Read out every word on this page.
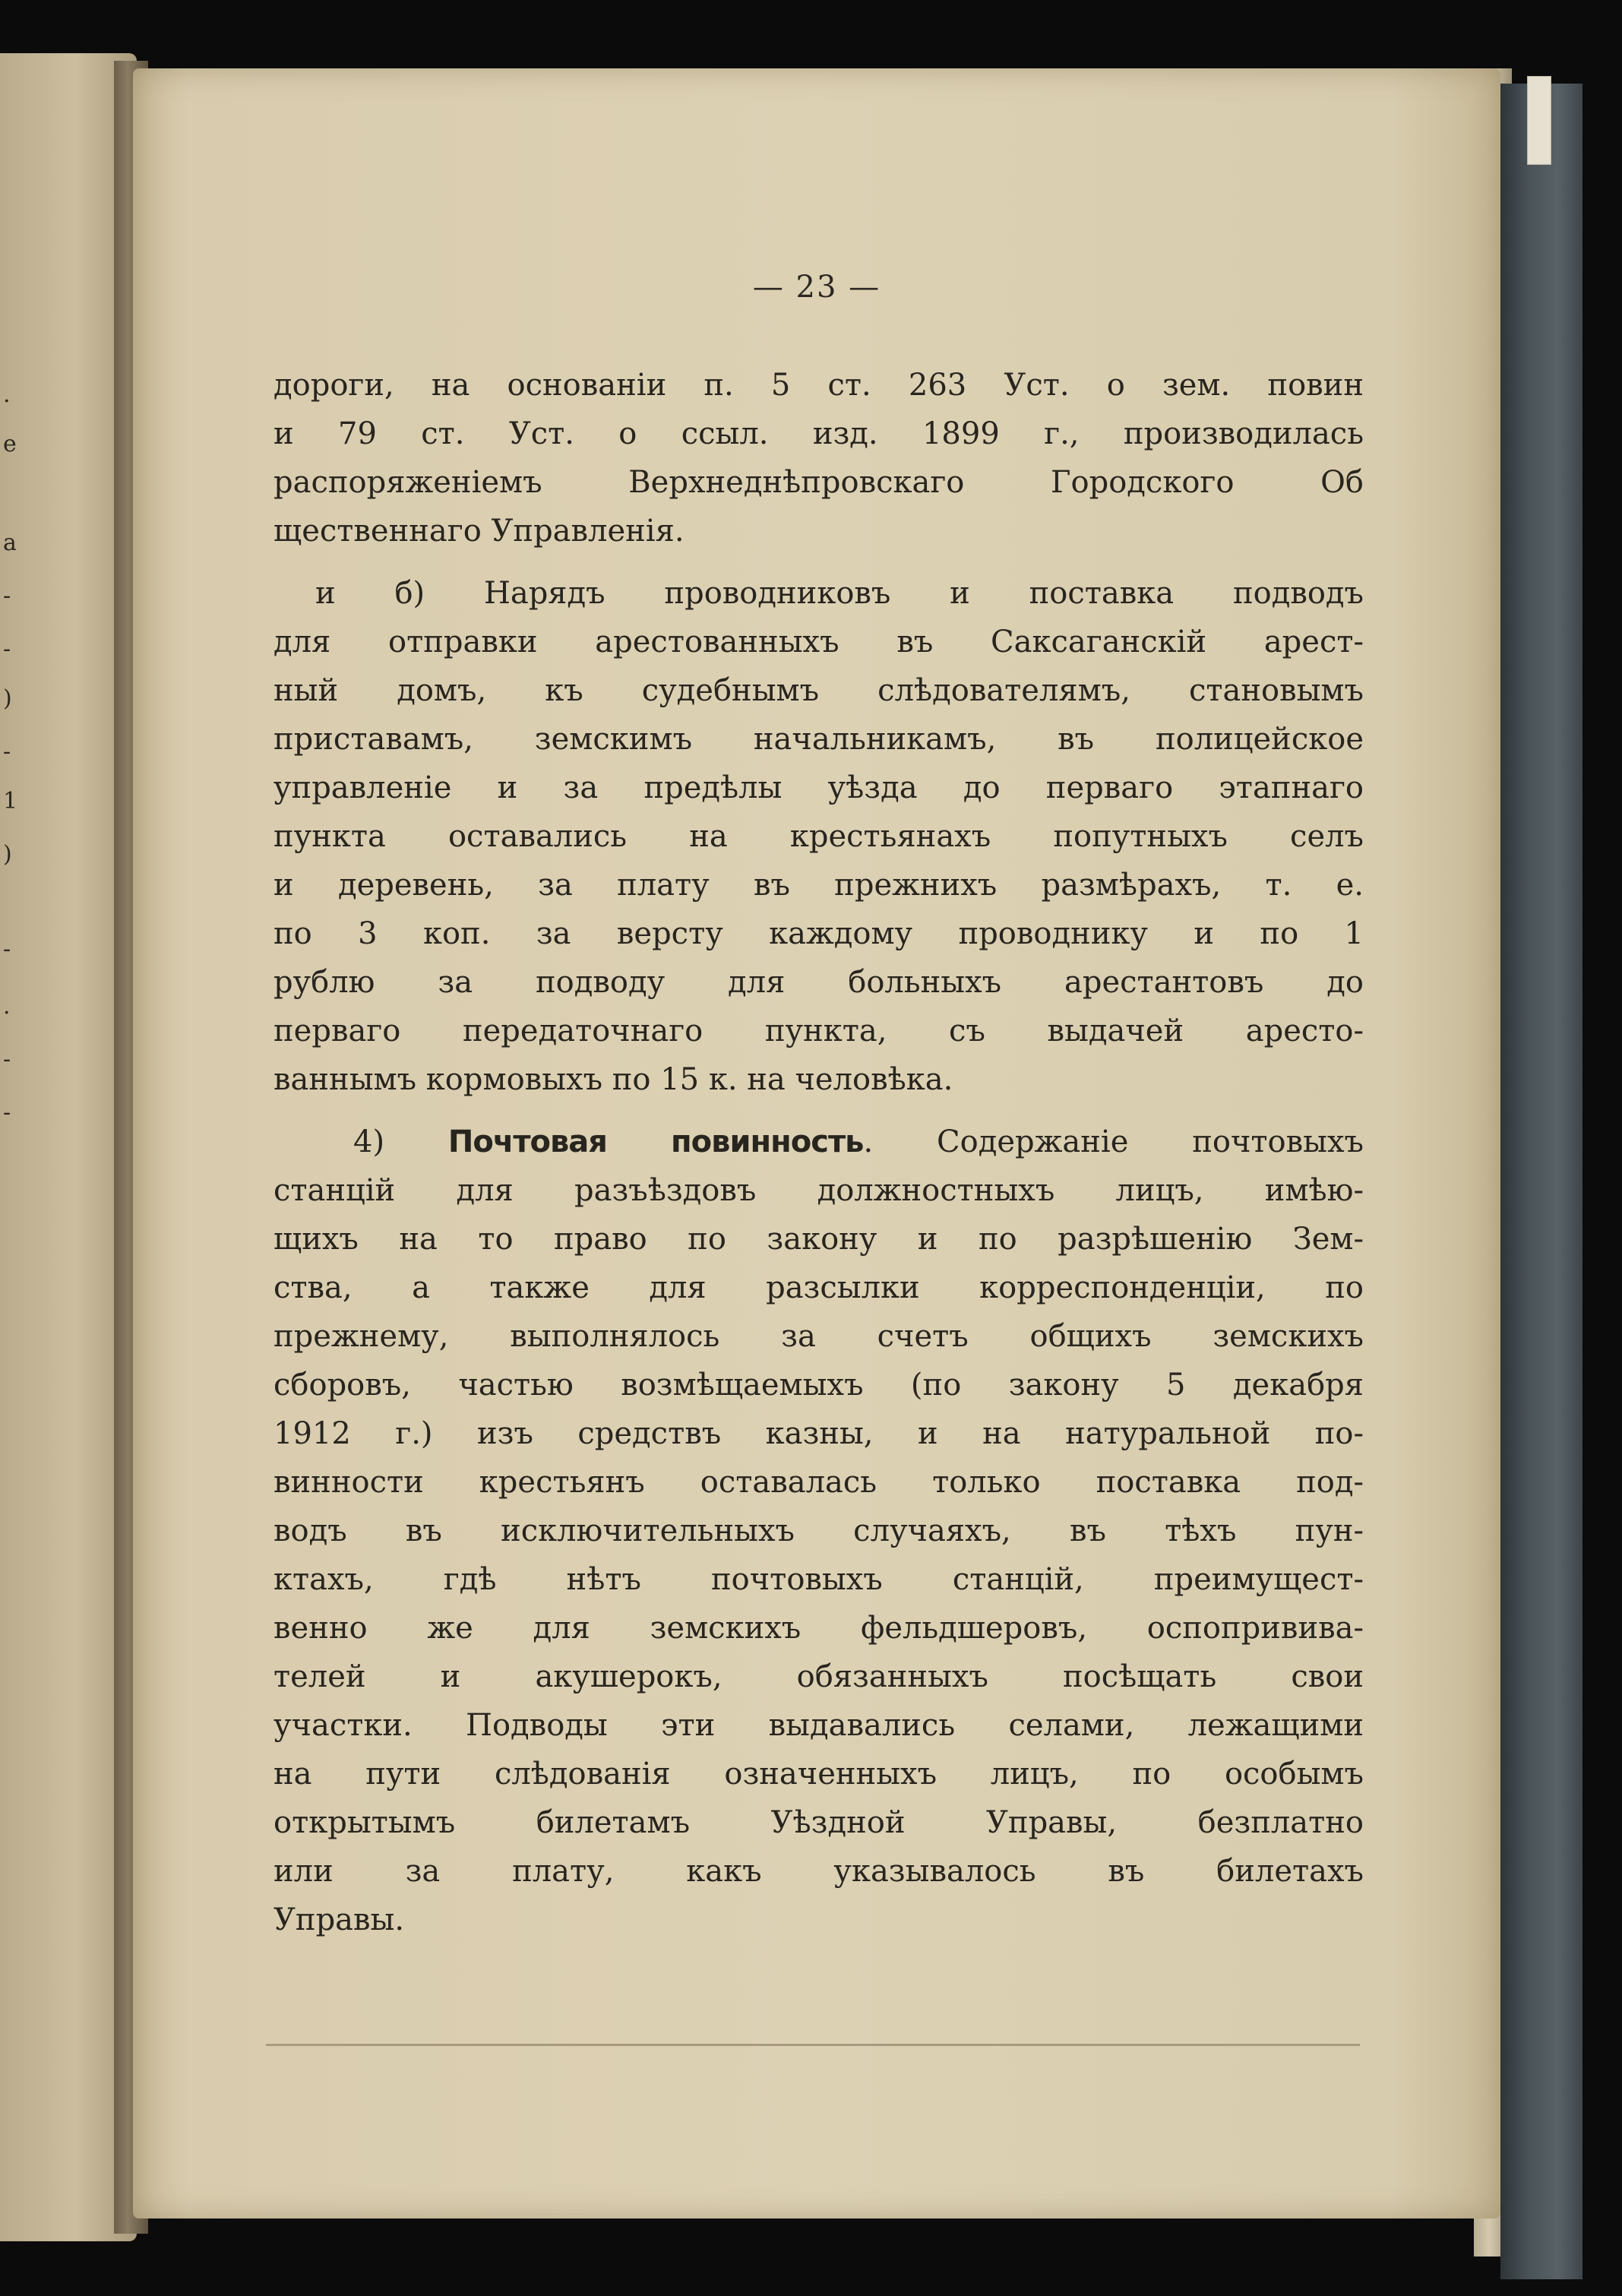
.
e
a
-
-
)
-
1
)
-
.
-
-
— 23 —

дороги, на основанiи п. 5 ст. 263 Уст. о зем. повин
и 79 ст. Уст. о ссыл. изд. 1899 г., производилась
распоряженiемъ Верхнеднѣпровскаго Городского Об
щественнаго Управленiя.

и б) Нарядъ проводниковъ и поставка подводъ
для отправки арестованныхъ въ Саксаганскiй арест-
ный домъ, къ судебнымъ слѣдователямъ, становымъ
приставамъ, земскимъ начальникамъ, въ полицейское
управленiе и за предѣлы уѣзда до перваго этапнаго
пункта оставались на крестьянахъ попутныхъ селъ
и деревень, за плату въ прежнихъ размѣрахъ, т. е.
по 3 коп. за версту каждому проводнику и по 1
рублю за подводу для больныхъ арестантовъ до
перваго передаточнаго пункта, съ выдачей аресто-
ваннымъ кормовыхъ по 15 к. на человѣка.

4) Почтовая повинность. Содержанiе почтовыхъ
станцiй для разъѣздовъ должностныхъ лицъ, имѣю-
щихъ на то право по закону и по разрѣшенiю Зем-
ства, а также для разсылки корреспонденцiи, по
прежнему, выполнялось за счетъ общихъ земскихъ
сборовъ, частью возмѣщаемыхъ (по закону 5 декабря
1912 г.) изъ средствъ казны, и на натуральной по-
винности крестьянъ оставалась только поставка под-
водъ въ исключительныхъ случаяхъ, въ тѣхъ пун-
ктахъ, гдѣ нѣтъ почтовыхъ станцiй, преимущест-
венно же для земскихъ фельдшеровъ, оспопривива-
телей и акушерокъ, обязанныхъ посѣщать свои
участки. Подводы эти выдавались селами, лежащими
на пути слѣдованiя означенныхъ лицъ, по особымъ
открытымъ билетамъ Уѣздной Управы, безплатно
или за плату, какъ указывалось въ билетахъ
Управы.
